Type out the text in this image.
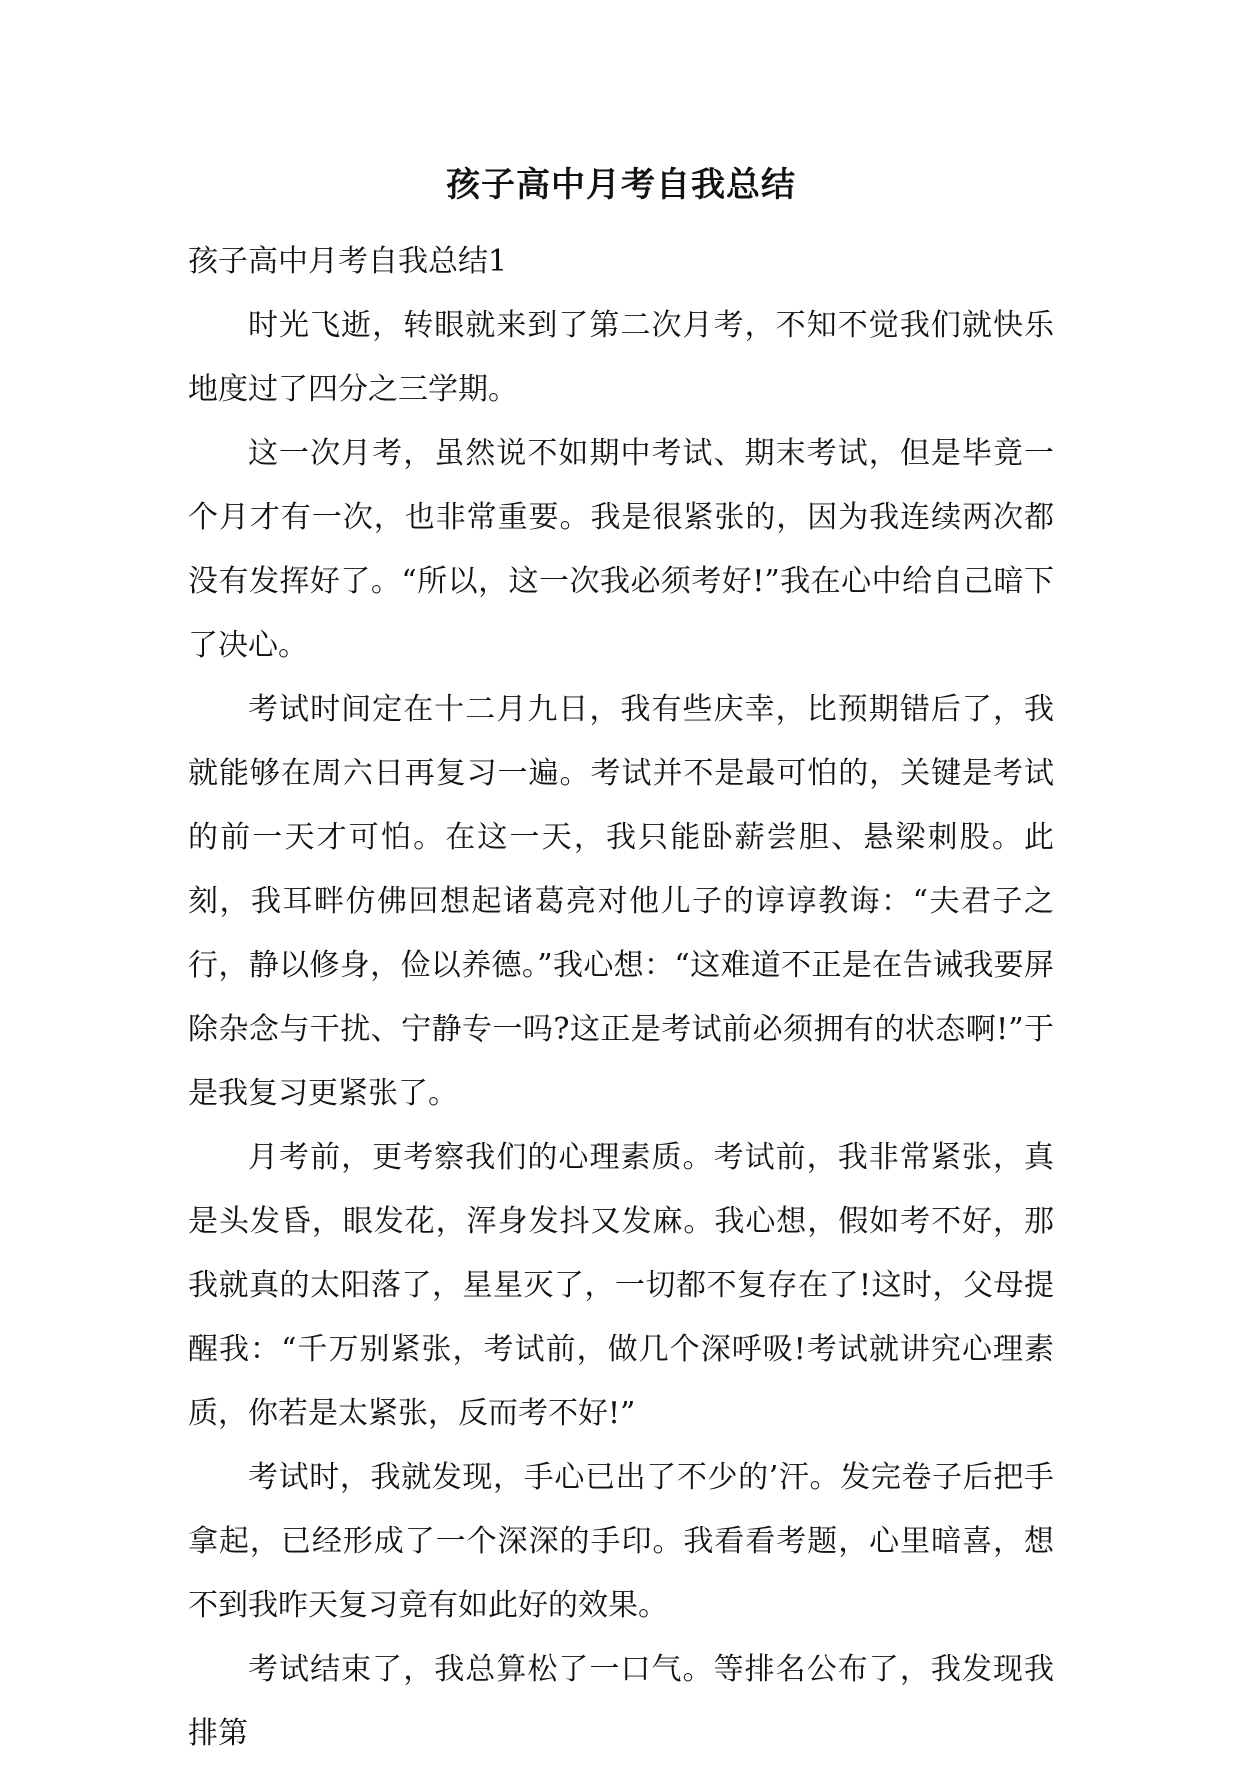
孩子高中月考自我总结

孩子高中月考自我总结1

时光飞逝，转眼就来到了第二次月考，不知不觉我们就快乐地度过了四分之三学期。

这一次月考，虽然说不如期中考试、期末考试，但是毕竟一个月才有一次，也非常重要。我是很紧张的，因为我连续两次都没有发挥好了。“所以，这一次我必须考好!”我在心中给自己暗下了决心。

考试时间定在十二月九日，我有些庆幸，比预期错后了，我就能够在周六日再复习一遍。考试并不是最可怕的，关键是考试的前一天才可怕。在这一天，我只能卧薪尝胆、悬梁刺股。此刻，我耳畔仿佛回想起诸葛亮对他儿子的谆谆教诲：“夫君子之行，静以修身，俭以养德。”我心想：“这难道不正是在告诫我要屏除杂念与干扰、宁静专一吗?这正是考试前必须拥有的状态啊!”于是我复习更紧张了。

月考前，更考察我们的心理素质。考试前，我非常紧张，真是头发昏，眼发花，浑身发抖又发麻。我心想，假如考不好，那我就真的太阳落了，星星灭了，一切都不复存在了!这时，父母提醒我：“千万别紧张，考试前，做几个深呼吸!考试就讲究心理素质，你若是太紧张，反而考不好!”

考试时，我就发现，手心已出了不少的’汗。发完卷子后把手拿起，已经形成了一个深深的手印。我看看考题，心里暗喜，想不到我昨天复习竟有如此好的效果。

考试结束了，我总算松了一口气。等排名公布了，我发现我排第
